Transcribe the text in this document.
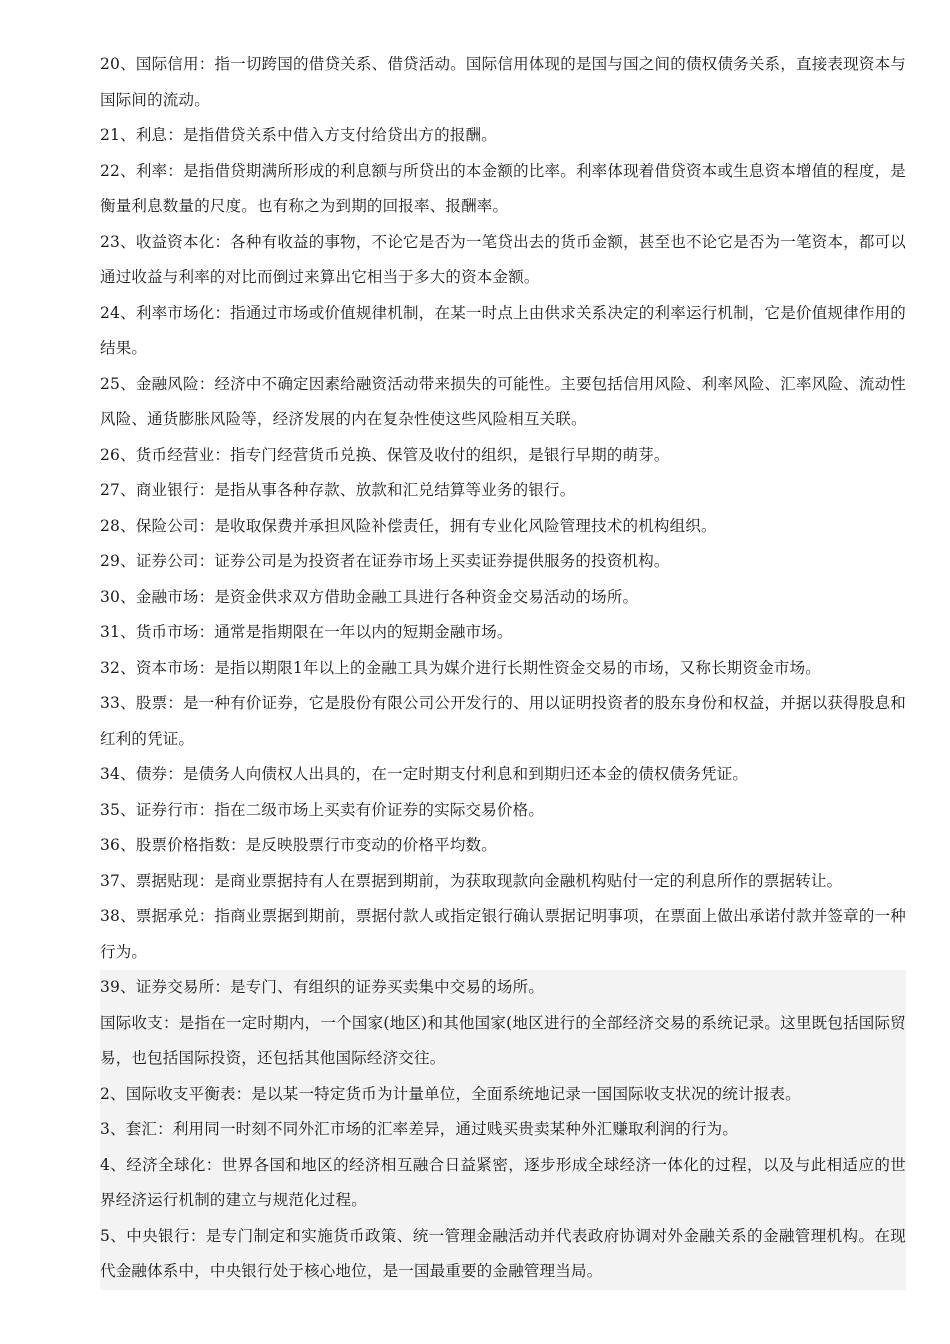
20、国际信用：指一切跨国的借贷关系、借贷活动。国际信用体现的是国与国之间的债权债务关系，直接表现资本与国际间的流动。

21、利息：是指借贷关系中借入方支付给贷出方的报酬。

22、利率：是指借贷期满所形成的利息额与所贷出的本金额的比率。利率体现着借贷资本或生息资本增值的程度，是衡量利息数量的尺度。也有称之为到期的回报率、报酬率。

23、收益资本化：各种有收益的事物，不论它是否为一笔贷出去的货币金额，甚至也不论它是否为一笔资本，都可以通过收益与利率的对比而倒过来算出它相当于多大的资本金额。

24、利率市场化：指通过市场或价值规律机制，在某一时点上由供求关系决定的利率运行机制，它是价值规律作用的结果。

25、金融风险：经济中不确定因素给融资活动带来损失的可能性。主要包括信用风险、利率风险、汇率风险、流动性风险、通货膨胀风险等，经济发展的内在复杂性使这些风险相互关联。

26、货币经营业：指专门经营货币兑换、保管及收付的组织，是银行早期的萌芽。

27、商业银行：是指从事各种存款、放款和汇兑结算等业务的银行。

28、保险公司：是收取保费并承担风险补偿责任，拥有专业化风险管理技术的机构组织。

29、证券公司：证券公司是为投资者在证券市场上买卖证券提供服务的投资机构。

30、金融市场：是资金供求双方借助金融工具进行各种资金交易活动的场所。

31、货币市场：通常是指期限在一年以内的短期金融市场。

32、资本市场：是指以期限1年以上的金融工具为媒介进行长期性资金交易的市场，又称长期资金市场。

33、股票：是一种有价证券，它是股份有限公司公开发行的、用以证明投资者的股东身份和权益，并据以获得股息和红利的凭证。

34、债券：是债务人向债权人出具的，在一定时期支付利息和到期归还本金的债权债务凭证。

35、证券行市：指在二级市场上买卖有价证券的实际交易价格。

36、股票价格指数：是反映股票行市变动的价格平均数。

37、票据贴现：是商业票据持有人在票据到期前，为获取现款向金融机构贴付一定的利息所作的票据转让。

38、票据承兑：指商业票据到期前，票据付款人或指定银行确认票据记明事项，在票面上做出承诺付款并签章的一种行为。

39、证券交易所：是专门、有组织的证券买卖集中交易的场所。

国际收支：是指在一定时期内，一个国家(地区)和其他国家(地区进行的全部经济交易的系统记录。这里既包括国际贸易，也包括国际投资，还包括其他国际经济交往。

2、国际收支平衡表：是以某一特定货币为计量单位，全面系统地记录一国国际收支状况的统计报表。

3、套汇：利用同一时刻不同外汇市场的汇率差异，通过贱买贵卖某种外汇赚取利润的行为。

4、经济全球化：世界各国和地区的经济相互融合日益紧密，逐步形成全球经济一体化的过程，以及与此相适应的世界经济运行机制的建立与规范化过程。

5、中央银行：是专门制定和实施货币政策、统一管理金融活动并代表政府协调对外金融关系的金融管理机构。在现代金融体系中，中央银行处于核心地位，是一国最重要的金融管理当局。
